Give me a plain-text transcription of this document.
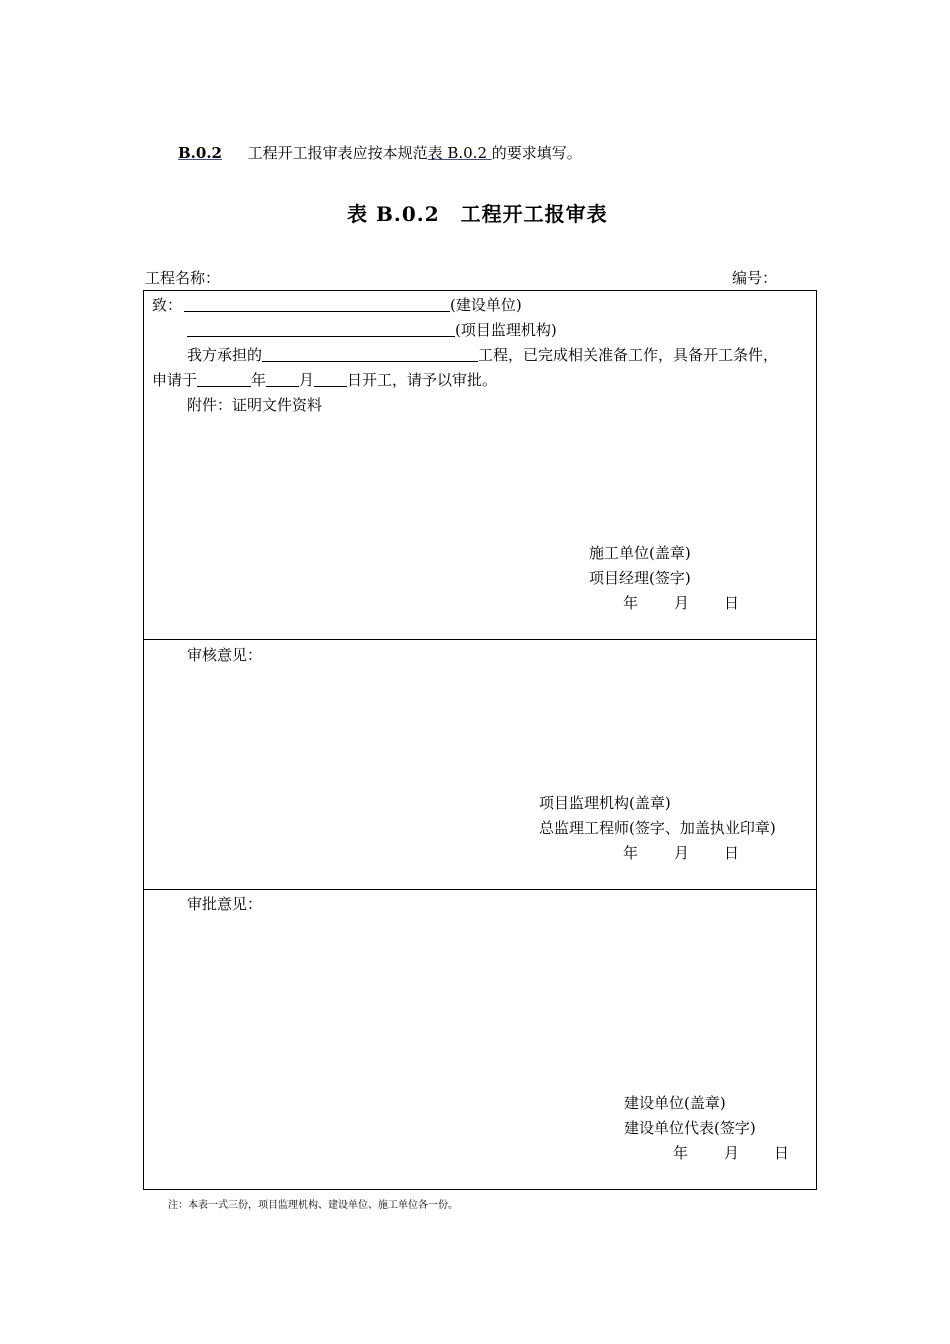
B.0.2 工程开工报审表应按本规范表 B.0.2 的要求填写。
表 B.0.2　工程开工报审表
工程名称：	编号：
致：	(建设单位)
(项目监理机构)
我方承担的	工程，已完成相关准备工作，具备开工条件，
申请于	年 月 日开工，请予以审批。
附件：证明文件资料
施工单位(盖章)
项目经理(签字)
年 月 日
审核意见：
项目监理机构(盖章)
总监理工程师(签字、加盖执业印章)
年 月 日
审批意见：
建设单位(盖章)
建设单位代表(签字)
年 月 日
注：本表一式三份，项目监理机构、建设单位、施工单位各一份。
